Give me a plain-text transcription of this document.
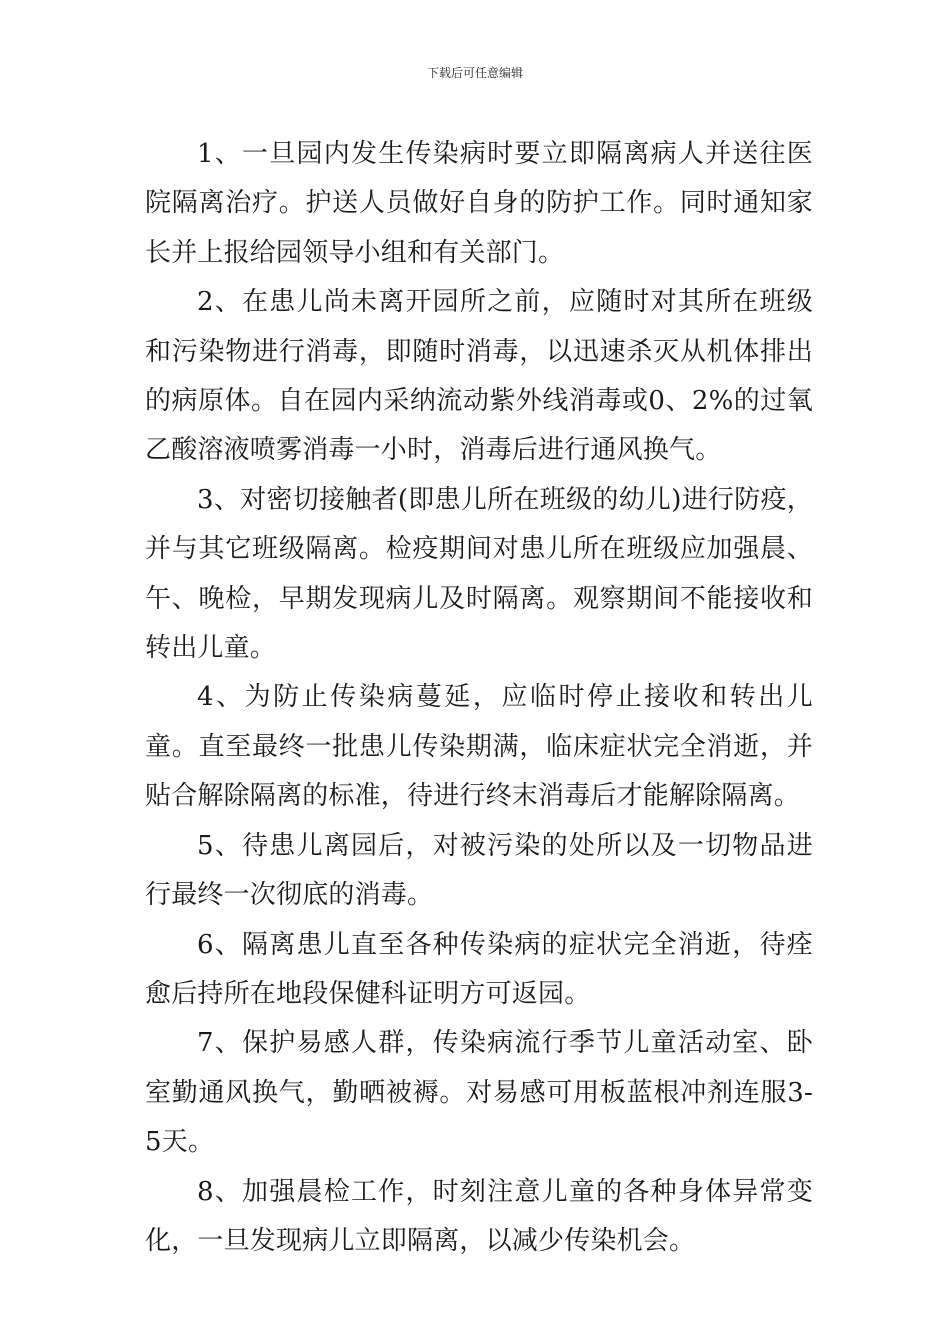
下载后可任意编辑

1、一旦园内发生传染病时要立即隔离病人并送往医院隔离治疗。护送人员做好自身的防护工作。同时通知家长并上报给园领导小组和有关部门。

2、在患儿尚未离开园所之前，应随时对其所在班级和污染物进行消毒，即随时消毒，以迅速杀灭从机体排出的病原体。自在园内采纳流动紫外线消毒或0、2%的过氧乙酸溶液喷雾消毒一小时，消毒后进行通风换气。

3、对密切接触者(即患儿所在班级的幼儿)进行防疫，并与其它班级隔离。检疫期间对患儿所在班级应加强晨、午、晚检，早期发现病儿及时隔离。观察期间不能接收和转出儿童。

4、为防止传染病蔓延，应临时停止接收和转出儿童。直至最终一批患儿传染期满，临床症状完全消逝，并贴合解除隔离的标准，待进行终末消毒后才能解除隔离。

5、待患儿离园后，对被污染的处所以及一切物品进行最终一次彻底的消毒。

6、隔离患儿直至各种传染病的症状完全消逝，待痊愈后持所在地段保健科证明方可返园。

7、保护易感人群，传染病流行季节儿童活动室、卧室勤通风换气，勤晒被褥。对易感可用板蓝根冲剂连服3-5天。

8、加强晨检工作，时刻注意儿童的各种身体异常变化，一旦发现病儿立即隔离，以减少传染机会。
